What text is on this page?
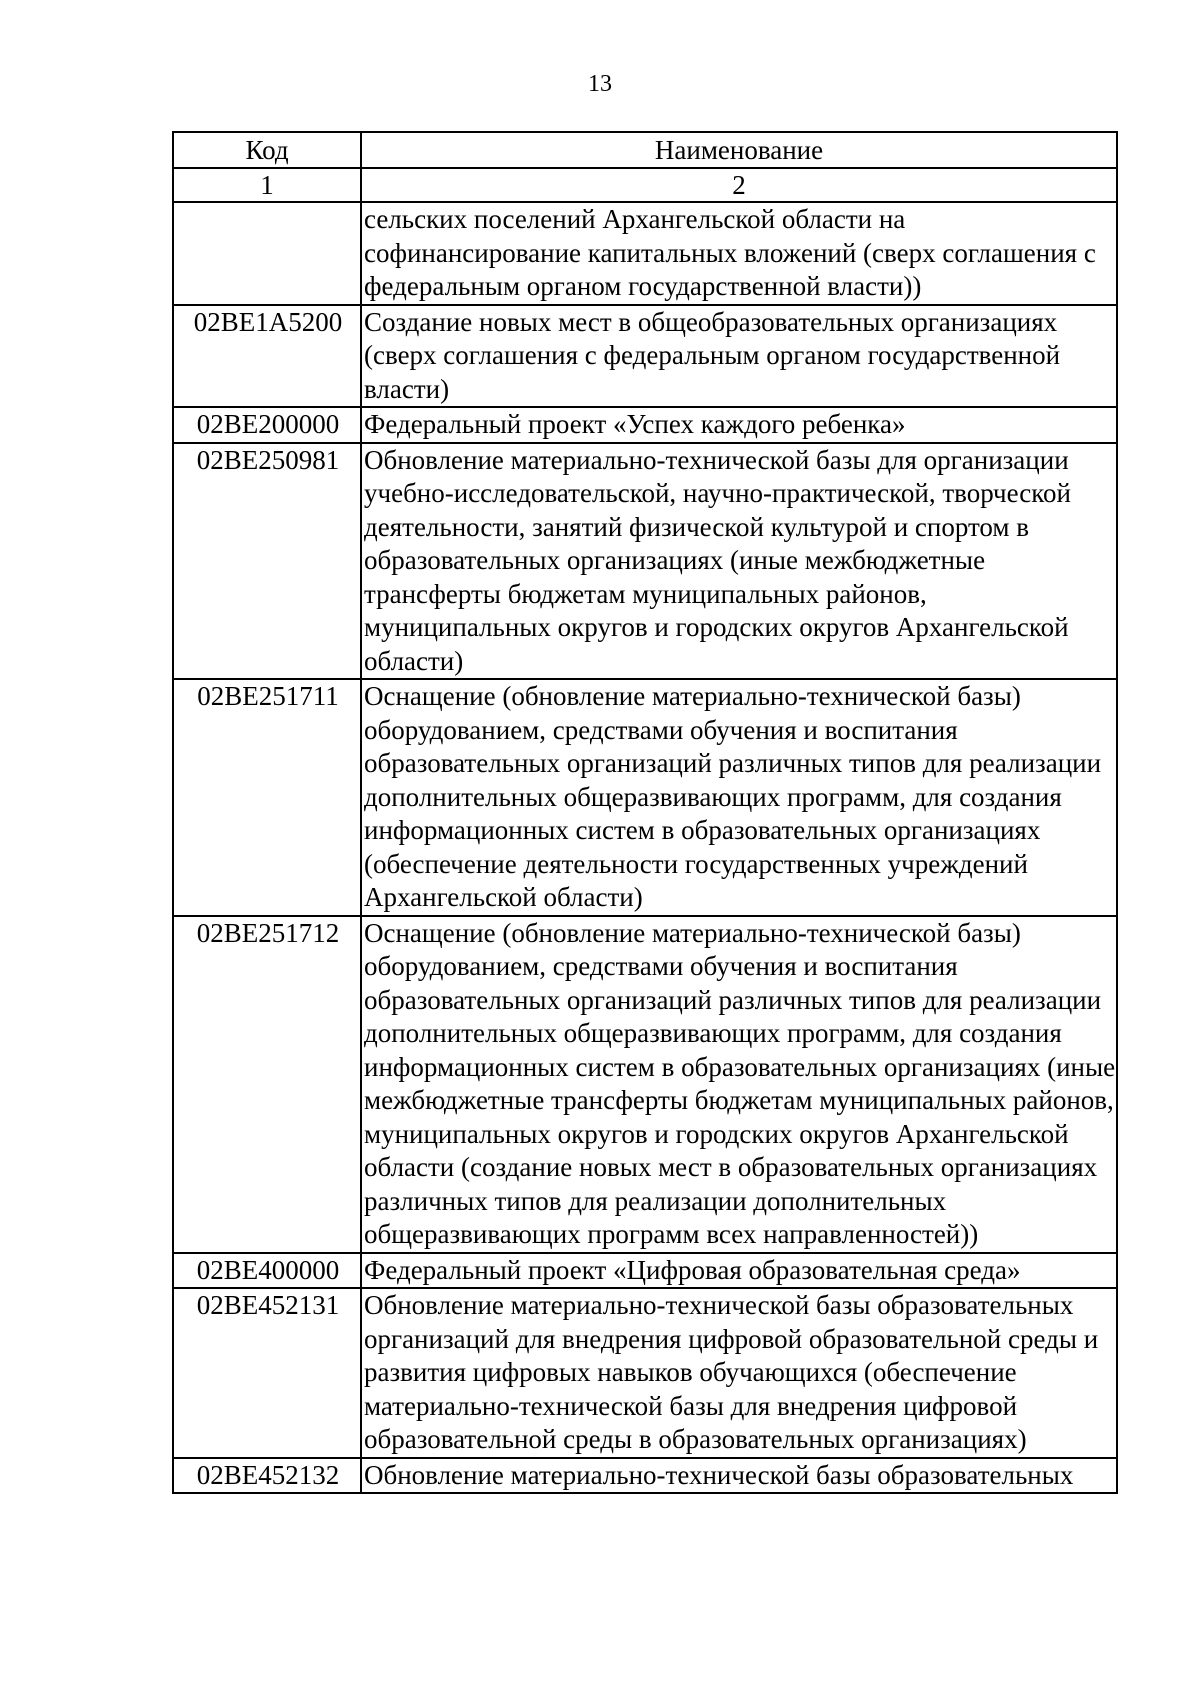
13
Код	Наименование
1	2
	сельских поселений Архангельской области на софинансирование капитальных вложений (сверх соглашения с федеральным органом государственной власти))
02BE1A5200	Создание новых мест в общеобразовательных организациях (сверх соглашения с федеральным органом государственной власти)
02BE200000	Федеральный проект «Успех каждого ребенка»
02BE250981	Обновление материально-технической базы для организации учебно-исследовательской, научно-практической, творческой деятельности, занятий физической культурой и спортом в образовательных организациях (иные межбюджетные трансферты бюджетам муниципальных районов, муниципальных округов и городских округов Архангельской области)
02BE251711	Оснащение (обновление материально-технической базы) оборудованием, средствами обучения и воспитания образовательных организаций различных типов для реализации дополнительных общеразвивающих программ, для создания информационных систем в образовательных организациях (обеспечение деятельности государственных учреждений Архангельской области)
02BE251712	Оснащение (обновление материально-технической базы) оборудованием, средствами обучения и воспитания образовательных организаций различных типов для реализации дополнительных общеразвивающих программ, для создания информационных систем в образовательных организациях (иные межбюджетные трансферты бюджетам муниципальных районов, муниципальных округов и городских округов Архангельской области (создание новых мест в образовательных организациях различных типов для реализации дополнительных общеразвивающих программ всех направленностей))
02BE400000	Федеральный проект «Цифровая образовательная среда»
02BE452131	Обновление материально-технической базы образовательных организаций для внедрения цифровой образовательной среды и развития цифровых навыков обучающихся (обеспечение материально-технической базы для внедрения цифровой образовательной среды в образовательных организациях)
02BE452132	Обновление материально-технической базы образовательных
